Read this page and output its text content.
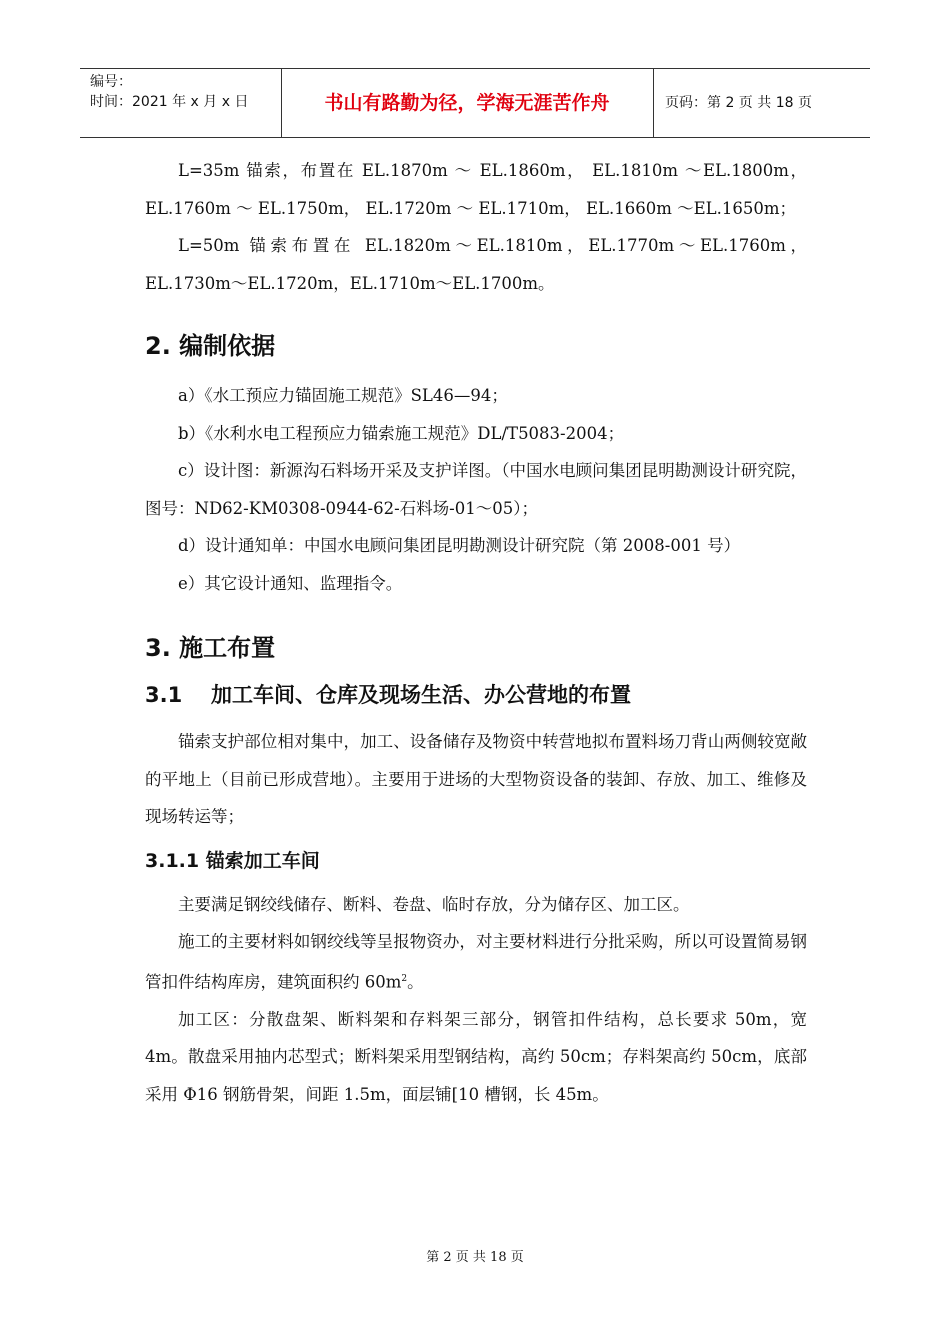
编号：
时间：2021 年 x 月 x 日	书山有路勤为径，学海无涯苦作舟	页码：第 2 页 共 18 页

L=35m 锚索，布置在 EL.1870m ～ EL.1860m， EL.1810m ～EL.1800m， EL.1760m ～ EL.1750m， EL.1720m ～ EL.1710m， EL.1660m ～EL.1650m；

L=50m 锚索布置在 EL.1820m～EL.1810m，EL.1770m～EL.1760m，EL.1730m～EL.1720m，EL.1710m～EL.1700m。

2. 编制依据

a）《水工预应力锚固施工规范》SL46—94；

b）《水利水电工程预应力锚索施工规范》DL/T5083-2004；

c）设计图：新源沟石料场开采及支护详图。（中国水电顾问集团昆明勘测设计研究院，图号：ND62-KM0308-0944-62-石料场-01～05）；

d）设计通知单：中国水电顾问集团昆明勘测设计研究院（第 2008-001 号）

e）其它设计通知、监理指令。

3. 施工布置
3.1 加工车间、仓库及现场生活、办公营地的布置

锚索支护部位相对集中，加工、设备储存及物资中转营地拟布置料场刀背山两侧较宽敞的平地上（目前已形成营地）。主要用于进场的大型物资设备的装卸、存放、加工、维修及现场转运等；

3.1.1 锚索加工车间

主要满足钢绞线储存、断料、卷盘、临时存放，分为储存区、加工区。

施工的主要材料如钢绞线等呈报物资办，对主要材料进行分批采购，所以可设置简易钢管扣件结构库房，建筑面积约 $60m^2$。

加工区：分散盘架、断料架和存料架三部分，钢管扣件结构，总长要求 50m，宽 4m。散盘采用抽内芯型式；断料架采用型钢结构，高约 50cm；存料架高约 50cm，底部采用 Φ16 钢筋骨架，间距 1.5m，面层铺[10 槽钢，长 45m。

第 2 页 共 18 页
